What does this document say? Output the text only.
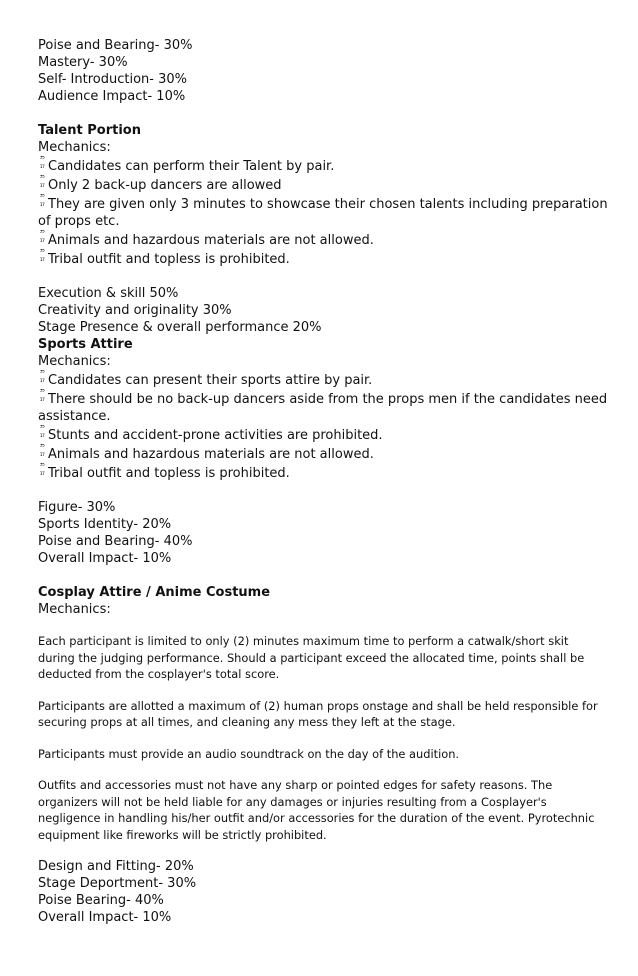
Poise and Bearing- 30%
Mastery- 30%
Self- Introduction- 30%
Audience Impact- 10%
Talent Portion
Mechanics:
³⁵
₁₇ Candidates can perform their Talent by pair.
³⁵
₁₇ Only 2 back-up dancers are allowed
³⁵
₁₇ They are given only 3 minutes to showcase their chosen talents including preparation of props etc.
³⁵
₁₇ Animals and hazardous materials are not allowed.
³⁵
₁₇ Tribal outfit and topless is prohibited.
Execution & skill 50%
Creativity and originality 30%
Stage Presence & overall performance 20%
Sports Attire
Mechanics:
³⁵
₁₇ Candidates can present their sports attire by pair.
³⁵
₁₇ There should be no back-up dancers aside from the props men if the candidates need assistance.
³⁵
₁₇ Stunts and accident-prone activities are prohibited.
³⁵
₁₇ Animals and hazardous materials are not allowed.
³⁵
₁₇ Tribal outfit and topless is prohibited.
Figure- 30%
Sports Identity- 20%
Poise and Bearing- 40%
Overall Impact- 10%
Cosplay Attire / Anime Costume
Mechanics:
Each participant is limited to only (2) minutes maximum time to perform a catwalk/short skit during the judging performance. Should a participant exceed the allocated time, points shall be deducted from the cosplayer's total score.
Participants are allotted a maximum of (2) human props onstage and shall be held responsible for securing props at all times, and cleaning any mess they left at the stage.
Participants must provide an audio soundtrack on the day of the audition.
Outfits and accessories must not have any sharp or pointed edges for safety reasons. The organizers will not be held liable for any damages or injuries resulting from a Cosplayer's negligence in handling his/her outfit and/or accessories for the duration of the event. Pyrotechnic equipment like fireworks will be strictly prohibited.
Design and Fitting- 20%
Stage Deportment- 30%
Poise Bearing- 40%
Overall Impact- 10%
